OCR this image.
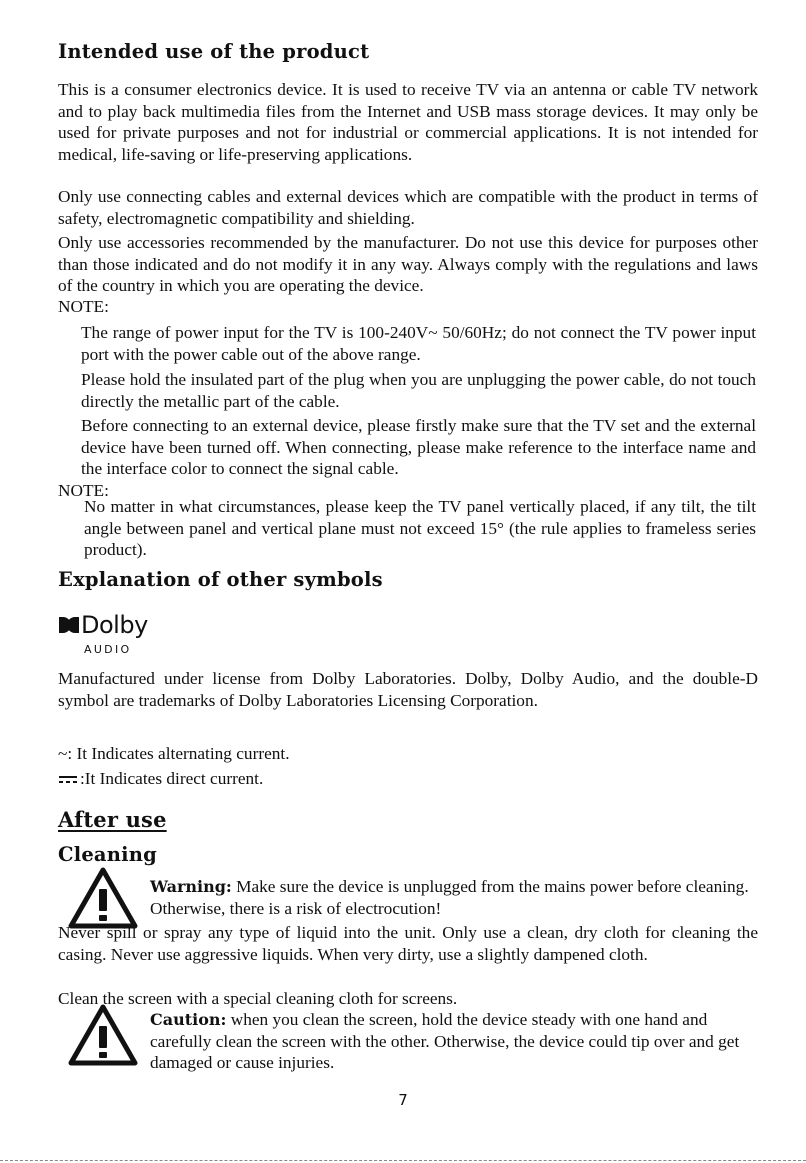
Intended use of the product
This is a consumer electronics device. It is used to receive TV via an antenna or cable TV network and to play back multimedia files from the Internet and USB mass storage devices. It may only be used for private purposes and not for industrial or commercial applications. It is not intended for medical, life-saving or life-preserving applications.
Only use connecting cables and external devices which are compatible with the product in terms of safety, electromagnetic compatibility and shielding.
Only use accessories recommended by the manufacturer. Do not use this device for purposes other than those indicated and do not modify it in any way. Always comply with the regulations and laws of the country in which you are operating the device.
NOTE:
The range of power input for the TV is 100-240V~ 50/60Hz; do not connect the TV power input port with the power cable out of the above range.
Please hold the insulated part of the plug when you are unplugging the power cable, do not touch directly the metallic part of the cable.
Before connecting to an external device, please firstly make sure that the TV set and the external device have been turned off. When connecting, please make reference to the interface name and the interface color to connect the signal cable.
NOTE:
No matter in what circumstances, please keep the TV panel vertically placed, if any tilt, the tilt angle between panel and vertical plane must not exceed 15° (the rule applies to frameless series product).
Explanation of other symbols
Dolby
AUDIO
Manufactured under license from Dolby Laboratories. Dolby, Dolby Audio, and the double-D symbol are trademarks of Dolby Laboratories Licensing Corporation.
~: It Indicates alternating current.
:It Indicates direct current.
After use
Cleaning
Warning: Make sure the device is unplugged from the mains power before cleaning. Otherwise, there is a risk of electrocution!
Never spill or spray any type of liquid into the unit. Only use a clean, dry cloth for cleaning the casing. Never use aggressive liquids. When very dirty, use a slightly dampened cloth.
Clean the screen with a special cleaning cloth for screens.
Caution: when you clean the screen, hold the device steady with one hand and carefully clean the screen with the other. Otherwise, the device could tip over and get damaged or cause injuries.
7
